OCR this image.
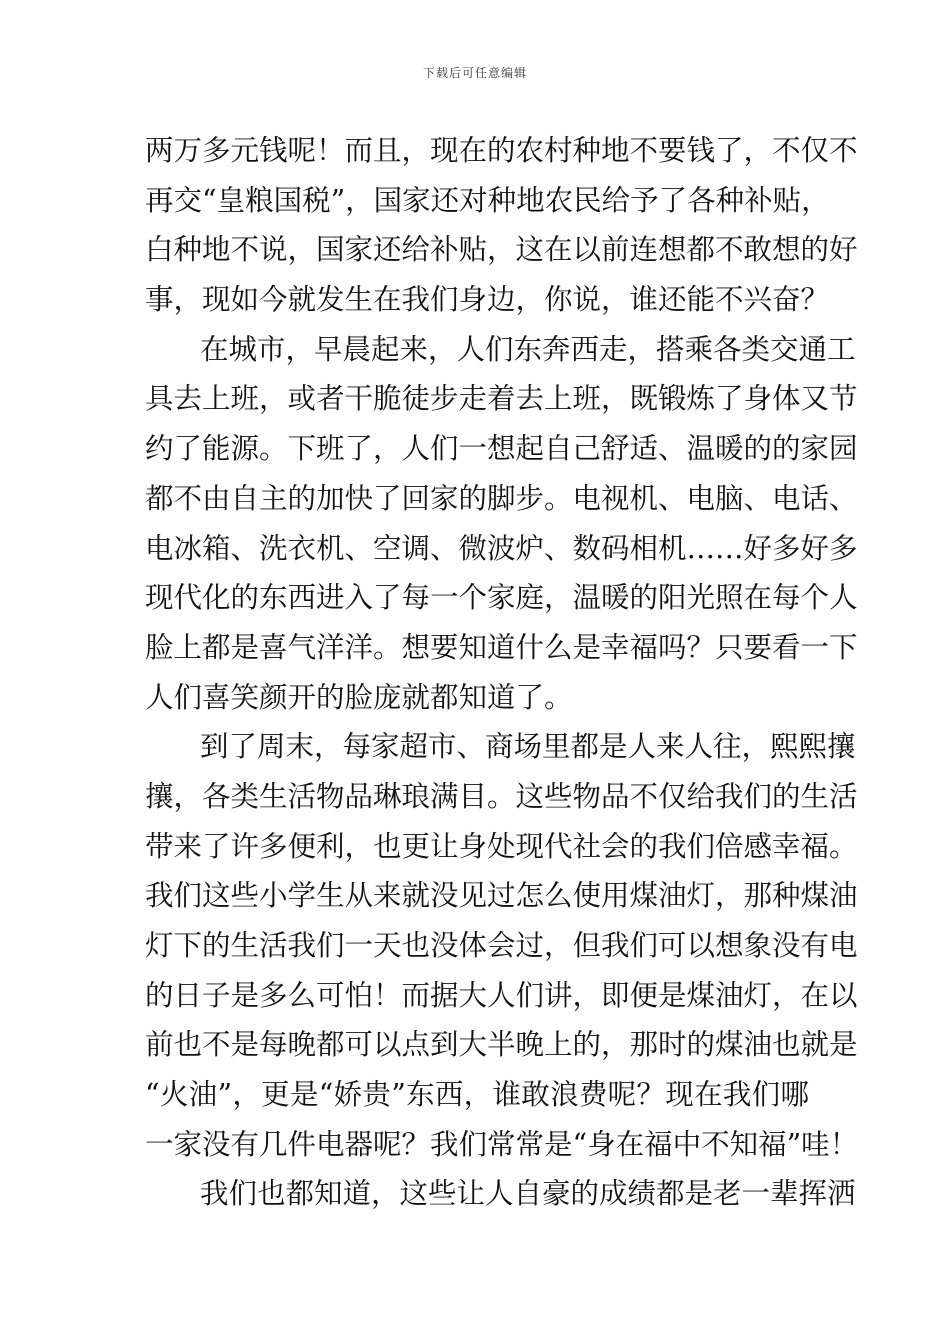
下载后可任意编辑
两万多元钱呢！而且，现在的农村种地不要钱了，不仅不
再交“皇粮国税”，国家还对种地农民给予了各种补贴，
白种地不说，国家还给补贴，这在以前连想都不敢想的好
事，现如今就发生在我们身边，你说，谁还能不兴奋？
在城市，早晨起来，人们东奔西走，搭乘各类交通工
具去上班，或者干脆徒步走着去上班，既锻炼了身体又节
约了能源。下班了，人们一想起自己舒适、温暖的的家园
都不由自主的加快了回家的脚步。电视机、电脑、电话、
电冰箱、洗衣机、空调、微波炉、数码相机……好多好多
现代化的东西进入了每一个家庭，温暖的阳光照在每个人
脸上都是喜气洋洋。想要知道什么是幸福吗？只要看一下
人们喜笑颜开的脸庞就都知道了。
到了周末，每家超市、商场里都是人来人往，熙熙攘
攘，各类生活物品琳琅满目。这些物品不仅给我们的生活
带来了许多便利，也更让身处现代社会的我们倍感幸福。
我们这些小学生从来就没见过怎么使用煤油灯，那种煤油
灯下的生活我们一天也没体会过，但我们可以想象没有电
的日子是多么可怕！而据大人们讲，即便是煤油灯，在以
前也不是每晚都可以点到大半晚上的，那时的煤油也就是
“火油”，更是“娇贵”东西，谁敢浪费呢？现在我们哪
一家没有几件电器呢？我们常常是“身在福中不知福”哇！
我们也都知道，这些让人自豪的成绩都是老一辈挥洒
